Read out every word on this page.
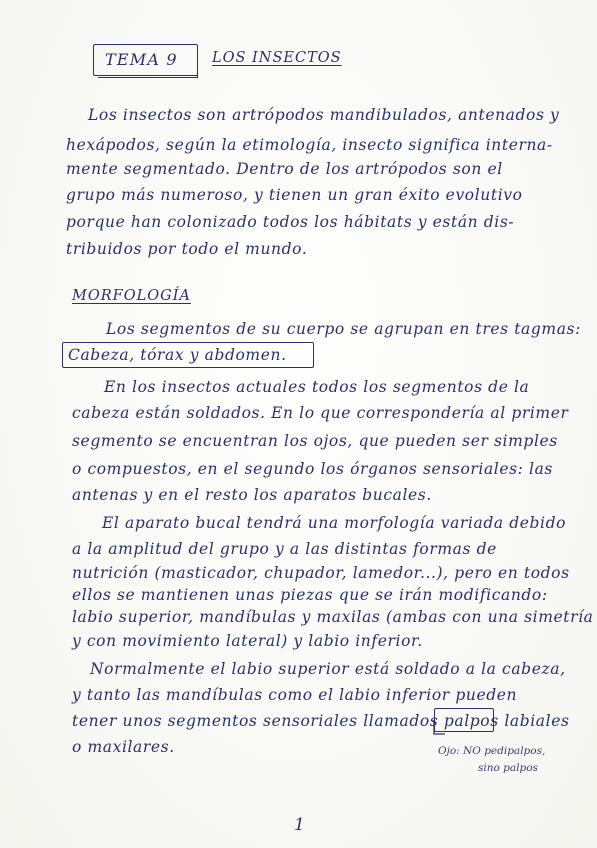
TEMA 9 LOS INSECTOS
Los insectos son artrópodos mandibulados, antenados y
hexápodos, según la etimología, insecto significa interna-
mente segmentado. Dentro de los artrópodos son el
grupo más numeroso, y tienen un gran éxito evolutivo
porque han colonizado todos los hábitats y están dis-
tribuidos por todo el mundo.
MORFOLOGÍA
Los segmentos de su cuerpo se agrupan en tres tagmas:
Cabeza, tórax y abdomen.
En los insectos actuales todos los segmentos de la
cabeza están soldados. En lo que correspondería al primer
segmento se encuentran los ojos, que pueden ser simples
o compuestos, en el segundo los órganos sensoriales: las
antenas y en el resto los aparatos bucales.
El aparato bucal tendrá una morfología variada debido
a la amplitud del grupo y a las distintas formas de
nutrición (masticador, chupador, lamedor...), pero en todos
ellos se mantienen unas piezas que se irán modificando:
labio superior, mandíbulas y maxilas (ambas con una simetría
y con movimiento lateral) y labio inferior.
Normalmente el labio superior está soldado a la cabeza,
y tanto las mandíbulas como el labio inferior pueden
tener unos segmentos sensoriales llamados palpos labiales
o maxilares.	Ojo: NO pedipalpos,
sino palpos
1
